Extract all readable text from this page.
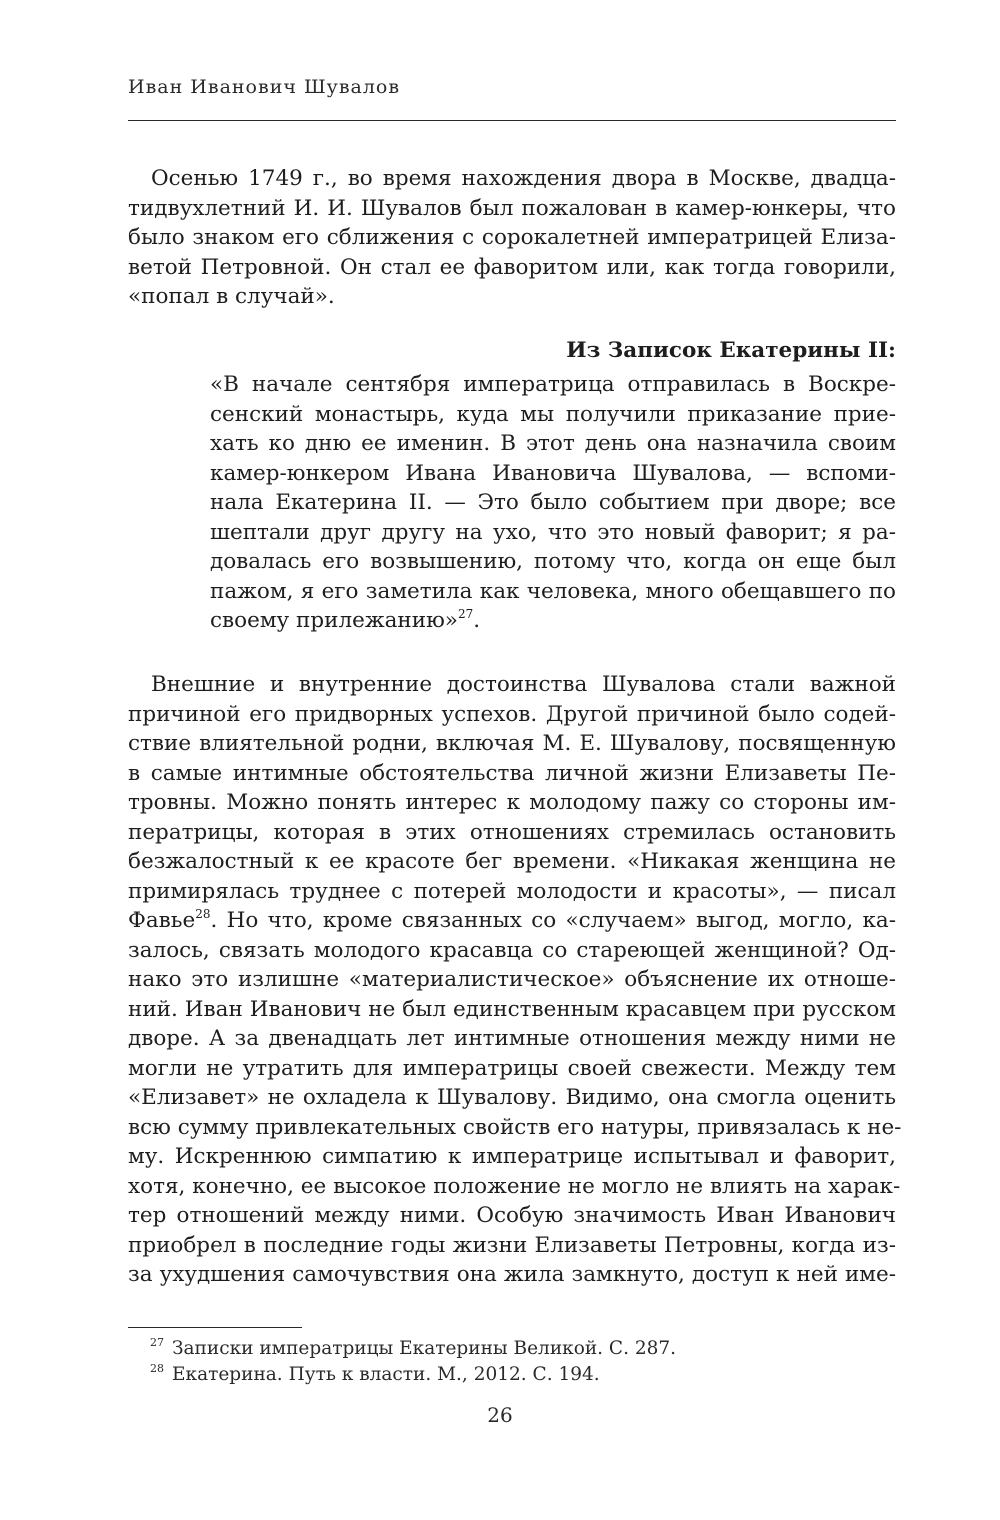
Иван Иванович Шувалов
Осенью 1749 г., во время нахождения двора в Москве, двадца-
тидвухлетний И. И. Шувалов был пожалован в камер-юнкеры, что
было знаком его сближения с сорокалетней императрицей Елиза-
ветой Петровной. Он стал ее фаворитом или, как тогда говорили,
«попал в случай».
Из Записок Екатерины II:
«В начале сентября императрица отправилась в Воскре-
сенский монастырь, куда мы получили приказание прие-
хать ко дню ее именин. В этот день она назначила своим
камер-юнкером Ивана Ивановича Шувалова, — вспоми-
нала Екатерина II. — Это было событием при дворе; все
шептали друг другу на ухо, что это новый фаворит; я ра-
довалась его возвышению, потому что, когда он еще был
пажом, я его заметила как человека, много обещавшего по
своему прилежанию»$^{27}$.
Внешние и внутренние достоинства Шувалова стали важной
причиной его придворных успехов. Другой причиной было содей-
ствие влиятельной родни, включая М. Е. Шувалову, посвященную
в самые интимные обстоятельства личной жизни Елизаветы Пе-
тровны. Можно понять интерес к молодому пажу со стороны им-
ператрицы, которая в этих отношениях стремилась остановить
безжалостный к ее красоте бег времени. «Никакая женщина не
примирялась труднее с потерей молодости и красоты», — писал
Фавье$^{28}$. Но что, кроме связанных со «случаем» выгод, могло, ка-
залось, связать молодого красавца со стареющей женщиной? Од-
нако это излишне «материалистическое» объяснение их отноше-
ний. Иван Иванович не был единственным красавцем при русском
дворе. А за двенадцать лет интимные отношения между ними не
могли не утратить для императрицы своей свежести. Между тем
«Елизавет» не охладела к Шувалову. Видимо, она смогла оценить
всю сумму привлекательных свойств его натуры, привязалась к не-
му. Искреннюю симпатию к императрице испытывал и фаворит,
хотя, конечно, ее высокое положение не могло не влиять на харак-
тер отношений между ними. Особую значимость Иван Иванович
приобрел в последние годы жизни Елизаветы Петровны, когда из-
за ухудшения самочувствия она жила замкнуто, доступ к ней име-
$^{27}$ Записки императрицы Екатерины Великой. С. 287.
$^{28}$ Екатерина. Путь к власти. М., 2012. С. 194.
26
